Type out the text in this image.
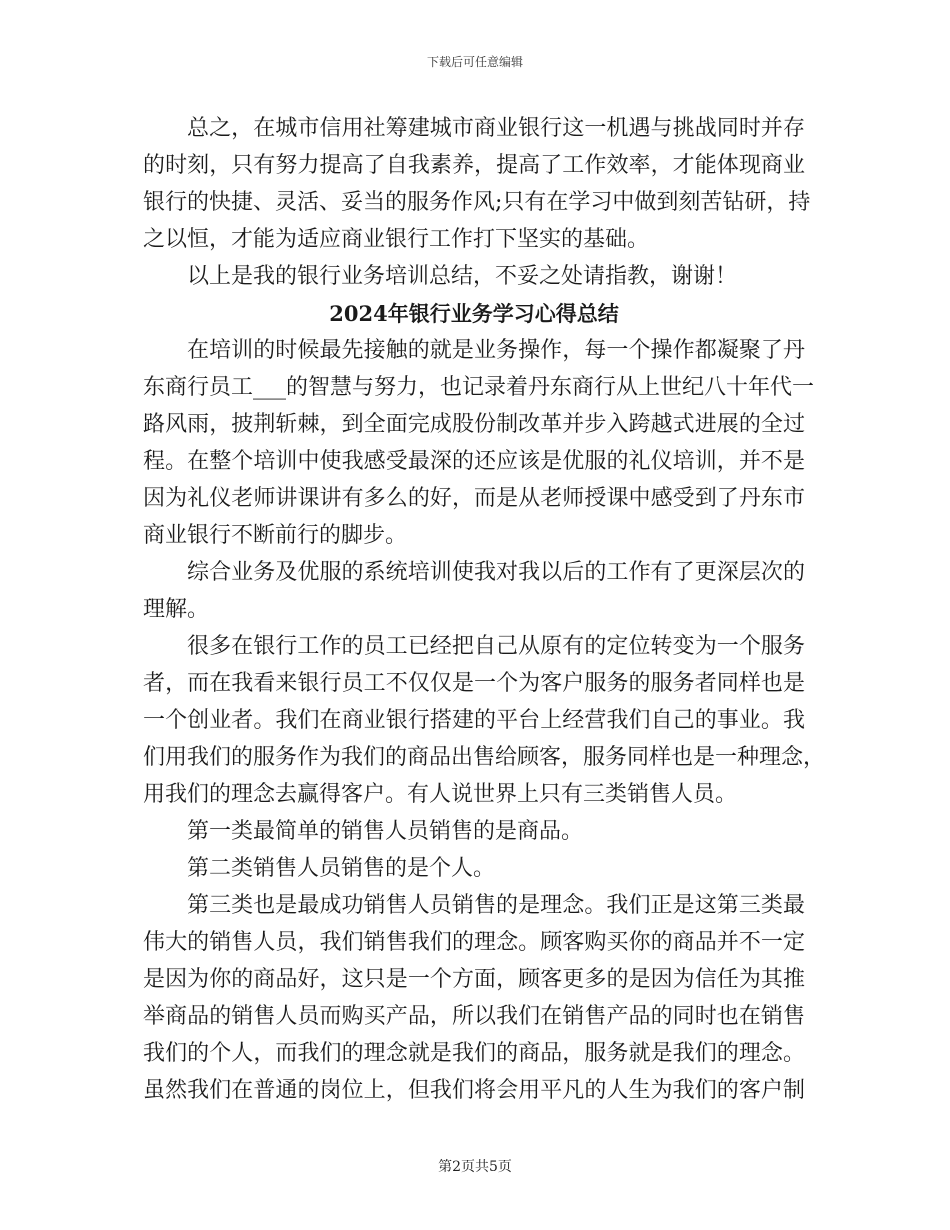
下载后可任意编辑
总之，在城市信用社筹建城市商业银行这一机遇与挑战同时并存
的时刻，只有努力提高了自我素养，提高了工作效率，才能体现商业
银行的快捷、灵活、妥当的服务作风;只有在学习中做到刻苦钻研，持
之以恒，才能为适应商业银行工作打下坚实的基础。
以上是我的银行业务培训总结，不妥之处请指教，谢谢！
2024年银行业务学习心得总结
在培训的时候最先接触的就是业务操作，每一个操作都凝聚了丹
东商行员工___的智慧与努力，也记录着丹东商行从上世纪八十年代一
路风雨，披荆斩棘，到全面完成股份制改革并步入跨越式进展的全过
程。在整个培训中使我感受最深的还应该是优服的礼仪培训，并不是
因为礼仪老师讲课讲有多么的好，而是从老师授课中感受到了丹东市
商业银行不断前行的脚步。
综合业务及优服的系统培训使我对我以后的工作有了更深层次的
理解。
很多在银行工作的员工已经把自己从原有的定位转变为一个服务
者，而在我看来银行员工不仅仅是一个为客户服务的服务者同样也是
一个创业者。我们在商业银行搭建的平台上经营我们自己的事业。我
们用我们的服务作为我们的商品出售给顾客，服务同样也是一种理念，
用我们的理念去赢得客户。有人说世界上只有三类销售人员。
第一类最简单的销售人员销售的是商品。
第二类销售人员销售的是个人。
第三类也是最成功销售人员销售的是理念。我们正是这第三类最
伟大的销售人员，我们销售我们的理念。顾客购买你的商品并不一定
是因为你的商品好，这只是一个方面，顾客更多的是因为信任为其推
举商品的销售人员而购买产品，所以我们在销售产品的同时也在销售
我们的个人，而我们的理念就是我们的商品，服务就是我们的理念。
虽然我们在普通的岗位上，但我们将会用平凡的人生为我们的客户制
第2页共5页
